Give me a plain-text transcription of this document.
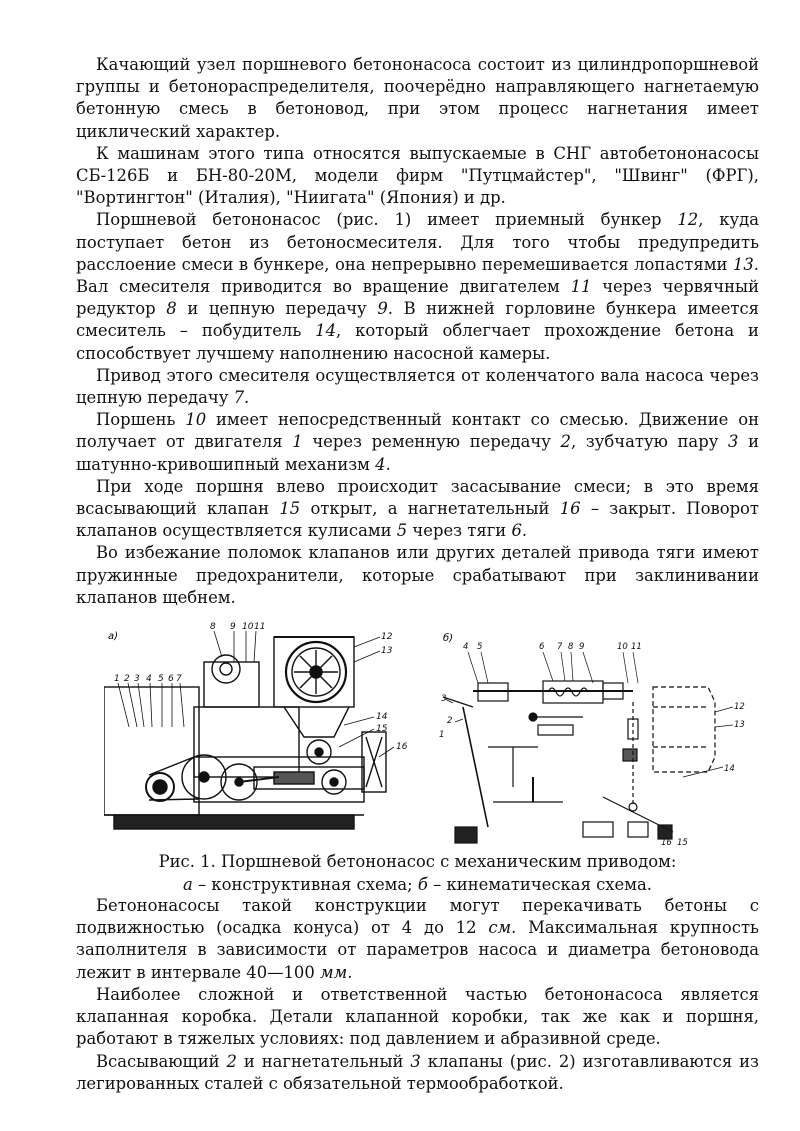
Качающий узел поршневого бетононасоса состоит из цилиндропоршневой группы и бетонораспределителя, поочерёдно направляющего нагнетаемую бетонную смесь в бетоновод, при этом процесс нагнетания имеет циклический характер.

К машинам этого типа относятся выпускаемые в СНГ автобетононасосы СБ-126Б и БН-80-20М, модели фирм "Путцмайстер", "Швинг" (ФРГ), "Вортингтон" (Италия), "Ниигата" (Япония) и др.

Поршневой бетононасос (рис. 1) имеет приемный бункер 12, куда поступает бетон из бетоносмесителя. Для того чтобы предупредить расслоение смеси в бункере, она непрерывно перемешивается лопастями 13. Вал смесителя приводится во вращение двигателем 11 через червячный редуктор 8 и цепную передачу 9. В нижней горловине бункера имеется смеситель – побудитель 14, который облегчает прохождение бетона и способствует лучшему наполнению насосной камеры.

Привод этого смесителя осуществляется от коленчатого вала насоса через цепную передачу 7.

Поршень 10 имеет непосредственный контакт со смесью. Движение он получает от двигателя 1 через ременную передачу 2, зубчатую пару 3 и шатунно-кривошипный механизм 4.

При ходе поршня влево происходит засасывание смеси; в это время всасывающий клапан 15 открыт, а нагнетательный 16 – закрыт. Поворот клапанов осуществляется кулисами 5 через тяги 6.

Во избежание поломок клапанов или других деталей привода тяги имеют пружинные предохранители, которые срабатывают при заклинивании клапанов щебнем.

а)
1 2 3 4 5 6 7
8 9 10 11
12
13
14
15
16
б)
1
2
3
4 5	6 7 8 9	10 11
12
13
14
15
16

Рис. 1. Поршневой бетононасос с механическим приводом:

а – конструктивная схема; б – кинематическая схема.

Бетононасосы такой конструкции могут перекачивать бетоны с подвижностью (осадка конуса) от 4 до 12 см. Максимальная крупность заполнителя в зависимости от параметров насоса и диаметра бетоновода лежит в интервале 40—100 мм.

Наиболее сложной и ответственной частью бетононасоса является клапанная коробка. Детали клапанной коробки, так же как и поршня, работают в тяжелых условиях: под давлением и абразивной среде.

Всасывающий 2 и нагнетательный 3 клапаны (рис. 2) изготавливаются из легированных сталей с обязательной термообработкой.
